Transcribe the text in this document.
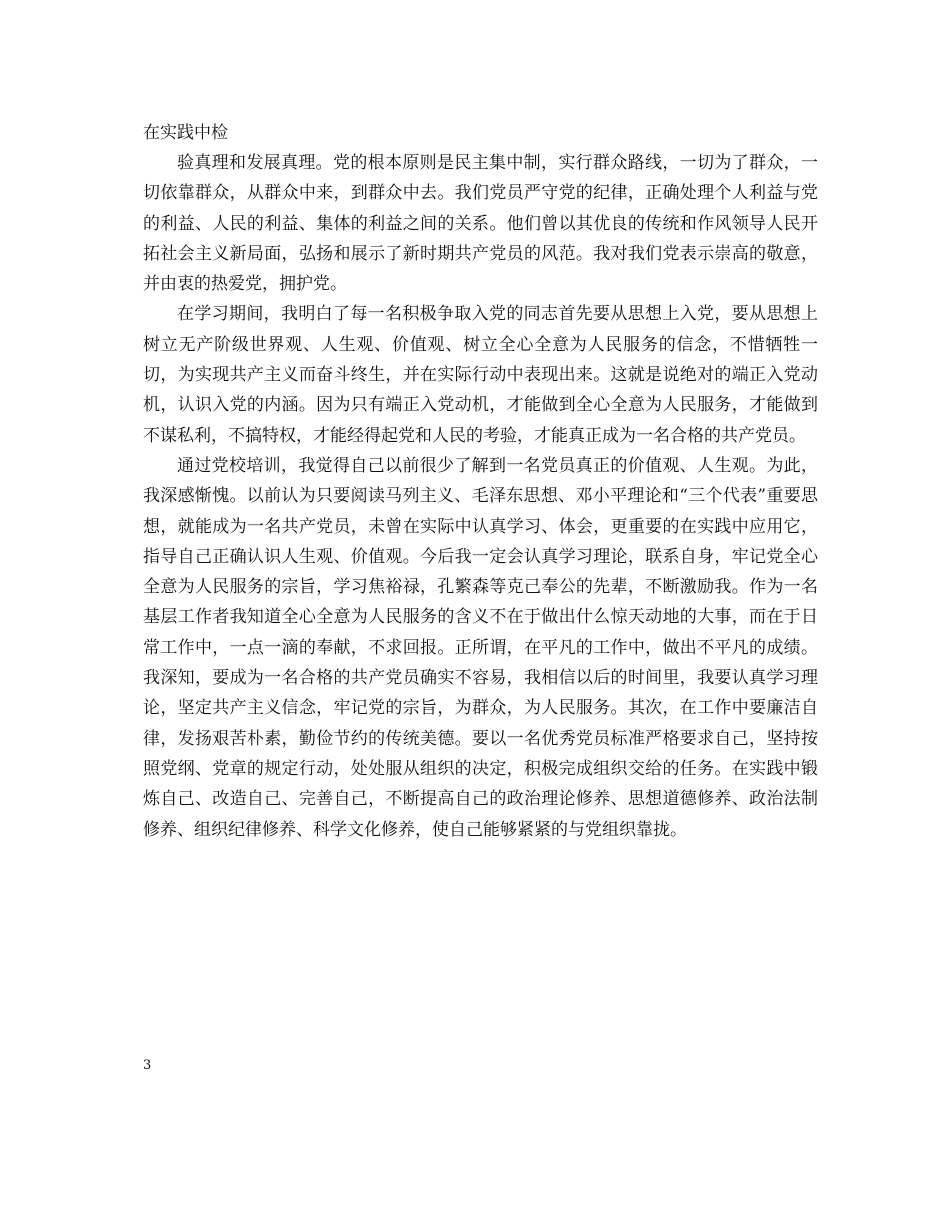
在实践中检

验真理和发展真理。党的根本原则是民主集中制，实行群众路线，一切为了群众，一切依靠群众，从群众中来，到群众中去。我们党员严守党的纪律，正确处理个人利益与党的利益、人民的利益、集体的利益之间的关系。他们曾以其优良的传统和作风领导人民开拓社会主义新局面，弘扬和展示了新时期共产党员的风范。我对我们党表示崇高的敬意，并由衷的热爱党，拥护党。

在学习期间，我明白了每一名积极争取入党的同志首先要从思想上入党，要从思想上树立无产阶级世界观、人生观、价值观、树立全心全意为人民服务的信念，不惜牺牲一切，为实现共产主义而奋斗终生，并在实际行动中表现出来。这就是说绝对的端正入党动机，认识入党的内涵。因为只有端正入党动机，才能做到全心全意为人民服务，才能做到不谋私利，不搞特权，才能经得起党和人民的考验，才能真正成为一名合格的共产党员。

通过党校培训，我觉得自己以前很少了解到一名党员真正的价值观、人生观。为此，我深感惭愧。以前认为只要阅读马列主义、毛泽东思想、邓小平理论和“三个代表”重要思想，就能成为一名共产党员，未曾在实际中认真学习、体会，更重要的在实践中应用它，指导自己正确认识人生观、价值观。今后我一定会认真学习理论，联系自身，牢记党全心全意为人民服务的宗旨，学习焦裕禄，孔繁森等克己奉公的先辈，不断激励我。作为一名基层工作者我知道全心全意为人民服务的含义不在于做出什么惊天动地的大事，而在于日常工作中，一点一滴的奉献，不求回报。正所谓，在平凡的工作中，做出不平凡的成绩。 我深知，要成为一名合格的共产党员确实不容易，我相信以后的时间里，我要认真学习理论，坚定共产主义信念，牢记党的宗旨，为群众，为人民服务。其次，在工作中要廉洁自律，发扬艰苦朴素，勤俭节约的传统美德。要以一名优秀党员标准严格要求自己，坚持按照党纲、党章的规定行动，处处服从组织的决定，积极完成组织交给的任务。在实践中锻炼自己、改造自己、完善自己，不断提高自己的政治理论修养、思想道德修养、政治法制修养、组织纪律修养、科学文化修养，使自己能够紧紧的与党组织靠拢。

3
